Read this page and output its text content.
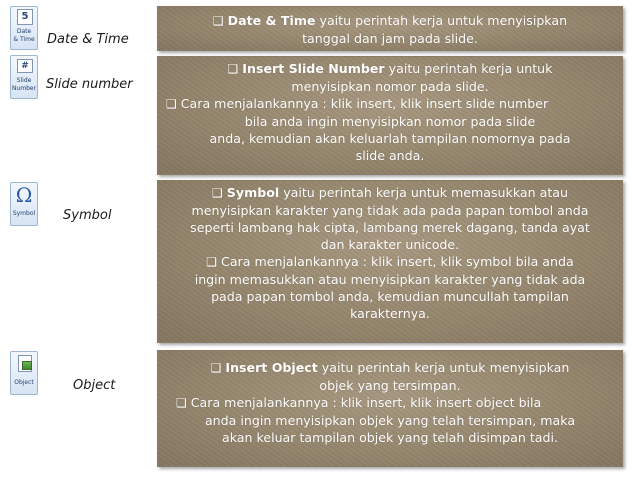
5
Date
& Time Date & Time
#
Slide
Number Slide number
Ω
Symbol Symbol
Object	Object
❑ Date & Time yaitu perintah kerja untuk menyisipkan
tanggal dan jam pada slide.
❑ Insert Slide Number yaitu perintah kerja untuk
menyisipkan nomor pada slide.
❑ Cara menjalankannya : klik insert, klik insert slide number
bila anda ingin menyisipkan nomor pada slide
anda, kemudian akan keluarlah tampilan nomornya pada
slide anda.
❑ Symbol yaitu perintah kerja untuk memasukkan atau
menyisipkan karakter yang tidak ada pada papan tombol anda
seperti lambang hak cipta, lambang merek dagang, tanda ayat
dan karakter unicode.
❑ Cara menjalankannya : klik insert, klik symbol bila anda
ingin memasukkan atau menyisipkan karakter yang tidak ada
pada papan tombol anda, kemudian muncullah tampilan
karakternya.
❑ Insert Object yaitu perintah kerja untuk menyisipkan
objek yang tersimpan.
❑ Cara menjalankannya : klik insert, klik insert object bila
anda ingin menyisipkan objek yang telah tersimpan, maka
akan keluar tampilan objek yang telah disimpan tadi.
